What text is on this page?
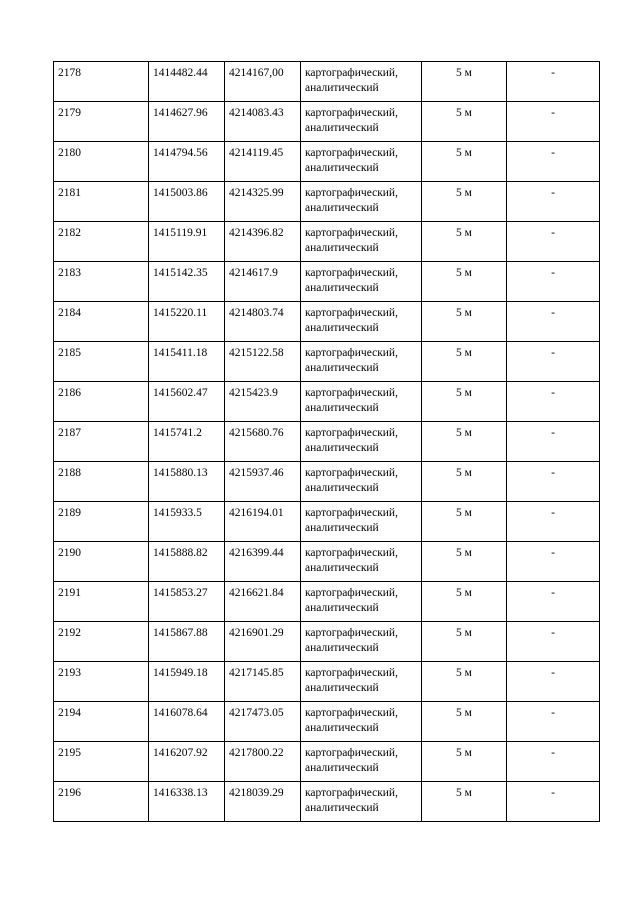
2178	1414482.44	4214167,00	картографический, аналитический	5 м	-
2179	1414627.96	4214083.43	картографический, аналитический	5 м	-
2180	1414794.56	4214119.45	картографический, аналитический	5 м	-
2181	1415003.86	4214325.99	картографический, аналитический	5 м	-
2182	1415119.91	4214396.82	картографический, аналитический	5 м	-
2183	1415142.35	4214617.9	картографический, аналитический	5 м	-
2184	1415220.11	4214803.74	картографический, аналитический	5 м	-
2185	1415411.18	4215122.58	картографический, аналитический	5 м	-
2186	1415602.47	4215423.9	картографический, аналитический	5 м	-
2187	1415741.2	4215680.76	картографический, аналитический	5 м	-
2188	1415880.13	4215937.46	картографический, аналитический	5 м	-
2189	1415933.5	4216194.01	картографический, аналитический	5 м	-
2190	1415888.82	4216399.44	картографический, аналитический	5 м	-
2191	1415853.27	4216621.84	картографический, аналитический	5 м	-
2192	1415867.88	4216901.29	картографический, аналитический	5 м	-
2193	1415949.18	4217145.85	картографический, аналитический	5 м	-
2194	1416078.64	4217473.05	картографический, аналитический	5 м	-
2195	1416207.92	4217800.22	картографический, аналитический	5 м	-
2196	1416338.13	4218039.29	картографический, аналитический	5 м	-
